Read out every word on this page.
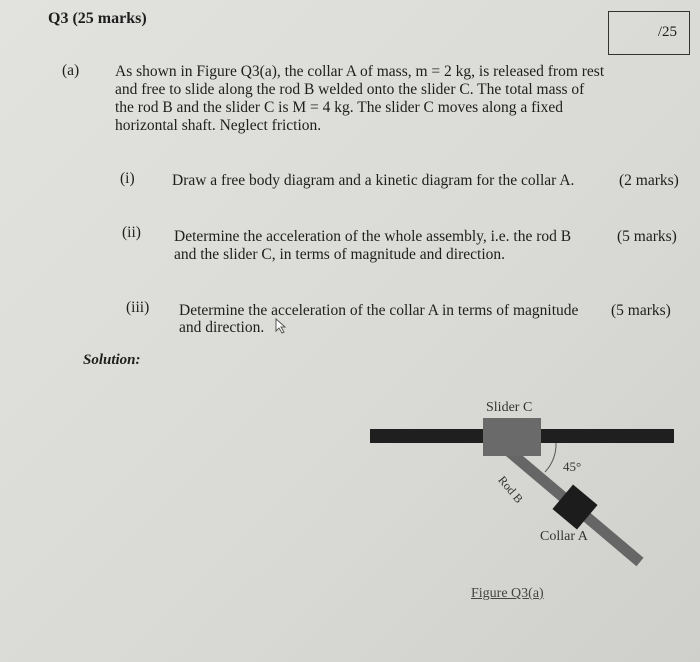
Q3 (25 marks)
/25
(a) As shown in Figure Q3(a), the collar A of mass, m = 2 kg, is released from rest
and free to slide along the rod B welded onto the slider C. The total mass of
the rod B and the slider C is M = 4 kg. The slider C moves along a fixed
horizontal shaft. Neglect friction.
(i) Draw a free body diagram and a kinetic diagram for the collar A.	(2 marks)
(ii) Determine the acceleration of the whole assembly, i.e. the rod B
and the slider C, in terms of magnitude and direction.
(5 marks)
(iii) Determine the acceleration of the collar A in terms of magnitude
and direction.
(5 marks)
Solution:
Slider C
Rod B
45°
Collar A
Figure Q3(a)
